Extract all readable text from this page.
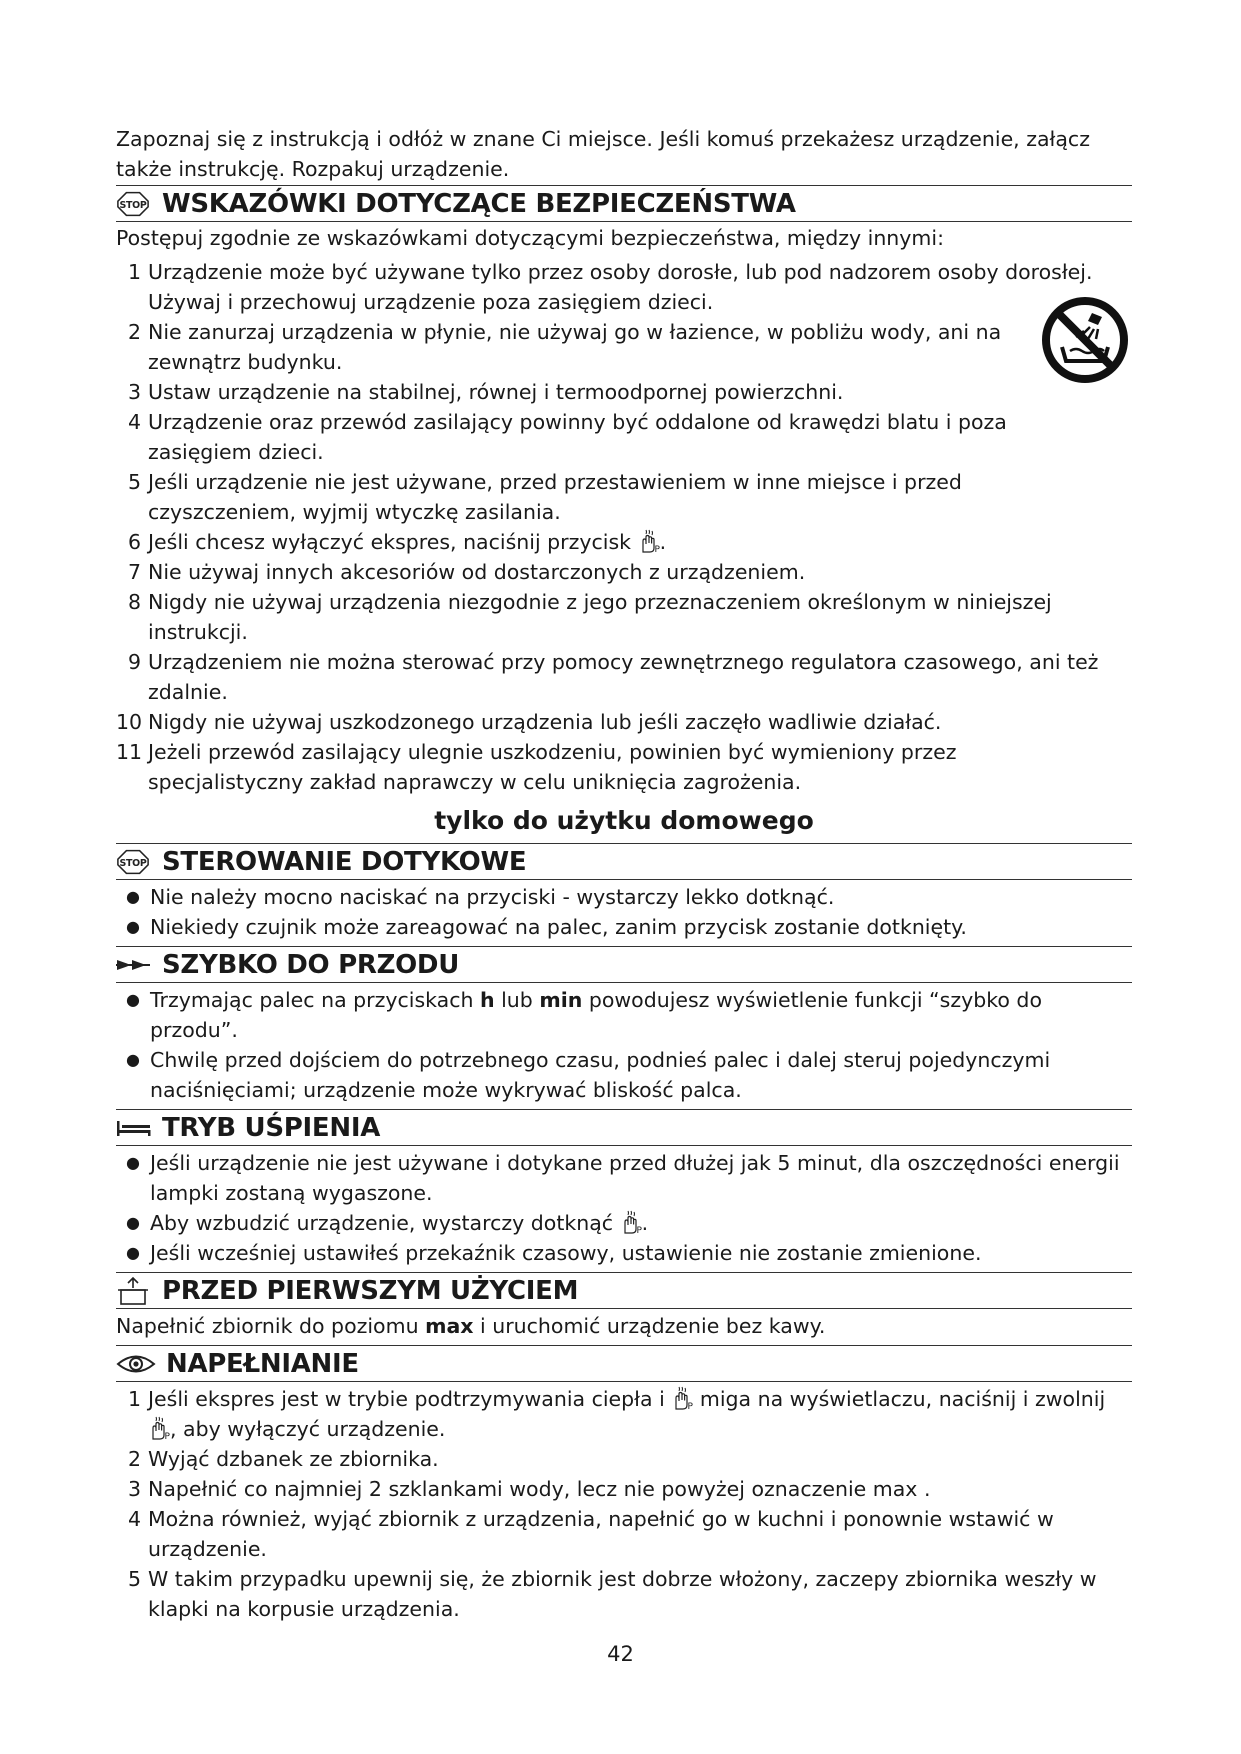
Zapoznaj się z instrukcją i odłóż w znane Ci miejsce. Jeśli komuś przekażesz urządzenie, załącz także instrukcję. Rozpakuj urządzenie.

WSKAZÓWKI DOTYCZĄCE BEZPIECZEŃSTWA

Postępuj zgodnie ze wskazówkami dotyczącymi bezpieczeństwa, między innymi:

1 Urządzenie może być używane tylko przez osoby dorosłe, lub pod nadzorem osoby dorosłej. Używaj i przechowuj urządzenie poza zasięgiem dzieci.
2 Nie zanurzaj urządzenia w płynie, nie używaj go w łazience, w pobliżu wody, ani na zewnątrz budynku.
3 Ustaw urządzenie na stabilnej, równej i termoodpornej powierzchni.
4 Urządzenie oraz przewód zasilający powinny być oddalone od krawędzi blatu i poza zasięgiem dzieci.
5 Jeśli urządzenie nie jest używane, przed przestawieniem w inne miejsce i przed czyszczeniem, wyjmij wtyczkę zasilania.
6 Jeśli chcesz wyłączyć ekspres, naciśnij przycisk .
7 Nie używaj innych akcesoriów od dostarczonych z urządzeniem.
8 Nigdy nie używaj urządzenia niezgodnie z jego przeznaczeniem określonym w niniejszej instrukcji.
9 Urządzeniem nie można sterować przy pomocy zewnętrznego regulatora czasowego, ani też zdalnie.
10 Nigdy nie używaj uszkodzonego urządzenia lub jeśli zaczęło wadliwie działać.
11 Jeżeli przewód zasilający ulegnie uszkodzeniu, powinien być wymieniony przez specjalistyczny zakład naprawczy w celu uniknięcia zagrożenia.
tylko do użytku domowego
STEROWANIE DOTYKOWE
● Nie należy mocno naciskać na przyciski - wystarczy lekko dotknąć.
● Niekiedy czujnik może zareagować na palec, zanim przycisk zostanie dotknięty.
SZYBKO DO PRZODU
● Trzymając palec na przyciskach h lub min powodujesz wyświetlenie funkcji “szybko do przodu”.
● Chwilę przed dojściem do potrzebnego czasu, podnieś palec i dalej steruj pojedynczymi naciśnięciami; urządzenie może wykrywać bliskość palca.
TRYB UŚPIENIA
● Jeśli urządzenie nie jest używane i dotykane przed dłużej jak 5 minut, dla oszczędności energii lampki zostaną wygaszone.
● Aby wzbudzić urządzenie, wystarczy dotknąć .
● Jeśli wcześniej ustawiłeś przekaźnik czasowy, ustawienie nie zostanie zmienione.
PRZED PIERWSZYM UŻYCIEM

Napełnić zbiornik do poziomu max i uruchomić urządzenie bez kawy.

NAPEŁNIANIE
1 Jeśli ekspres jest w trybie podtrzymywania ciepła i miga na wyświetlaczu, naciśnij i zwolnij , aby wyłączyć urządzenie.
2 Wyjąć dzbanek ze zbiornika.
3 Napełnić co najmniej 2 szklankami wody, lecz nie powyżej oznaczenie max .
4 Można również, wyjąć zbiornik z urządzenia, napełnić go w kuchni i ponownie wstawić w urządzenie.
5 W takim przypadku upewnij się, że zbiornik jest dobrze włożony, zaczepy zbiornika weszły w klapki na korpusie urządzenia.
42
